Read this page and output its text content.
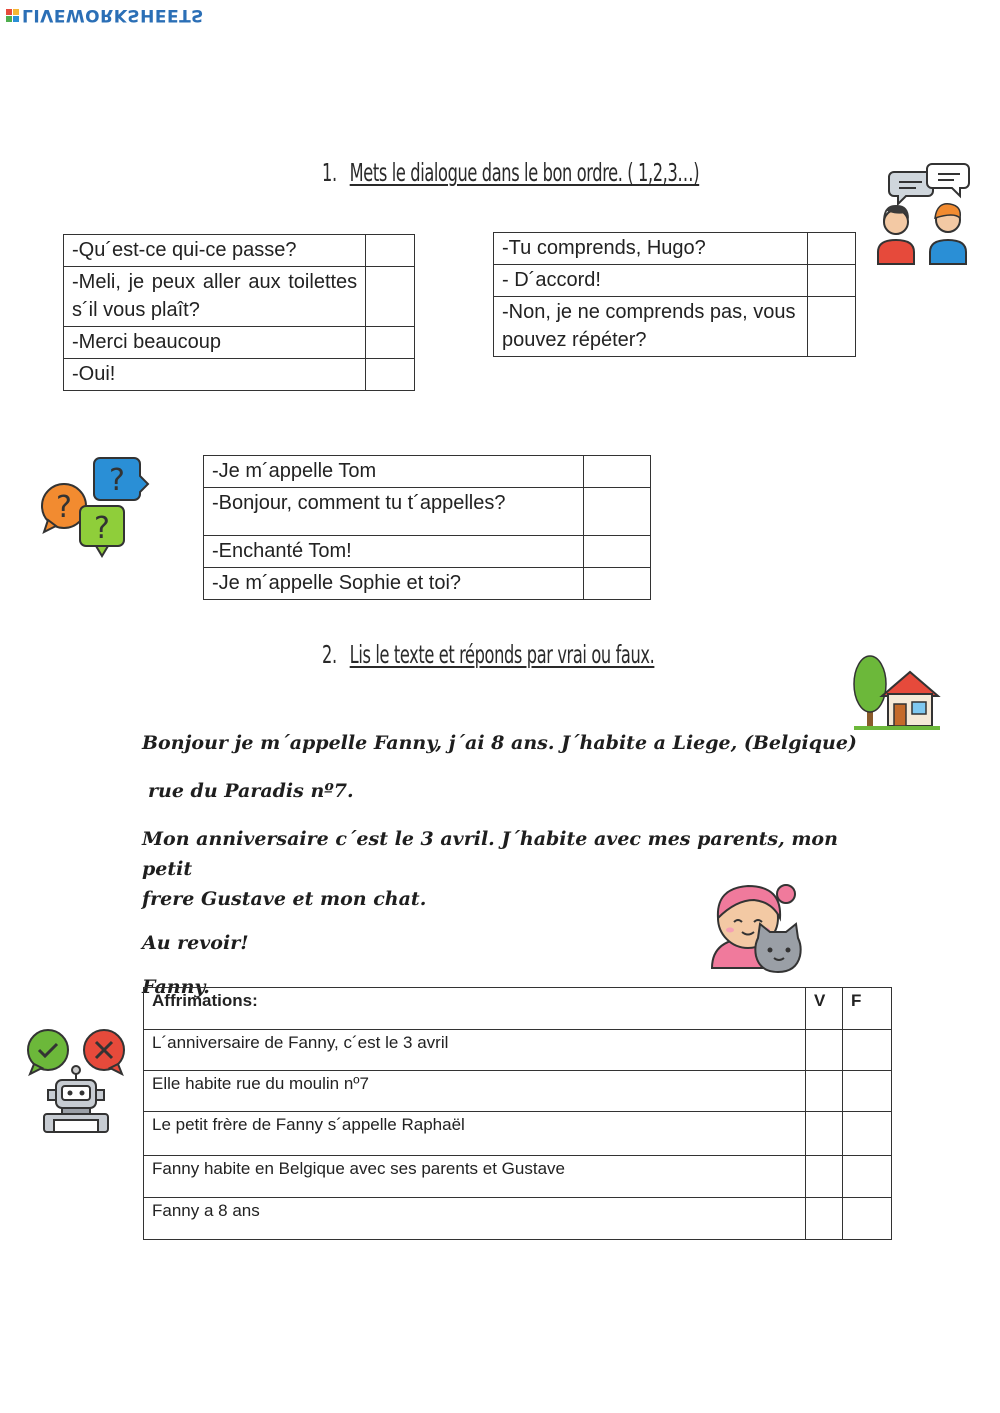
LIVEWORKSHEETS
1. Mets le dialogue dans le bon ordre. ( 1,2,3…)
-Qu´est-ce qui-ce passe?	
-Meli, je peux aller aux toilettes s´il vous plaît?	
-Merci beaucoup	
-Oui!	
-Tu comprends, Hugo?	
- D´accord!	
-Non, je ne comprends pas, vous pouvez répéter?	
?
?
?
-Je m´appelle Tom	
-Bonjour, comment tu t´appelles?	
-Enchanté Tom!	
-Je m´appelle Sophie et toi?	
2. Lis le texte et réponds par vrai ou faux.
Bonjour je m´appelle Fanny, j´ai 8 ans. J´habite a Liege, (Belgique)
rue du Paradis nº7.
Mon anniversaire c´est le 3 avril. J´habite avec mes parents, mon petit
frere Gustave et mon chat.
Au revoir!
Fanny.
Affrimations:	V	F
L´anniversaire de Fanny, c´est le 3 avril		
Elle habite rue du moulin nº7		
Le petit frère de Fanny s´appelle Raphaël		
Fanny habite en Belgique avec ses parents et Gustave		
Fanny a 8 ans		
